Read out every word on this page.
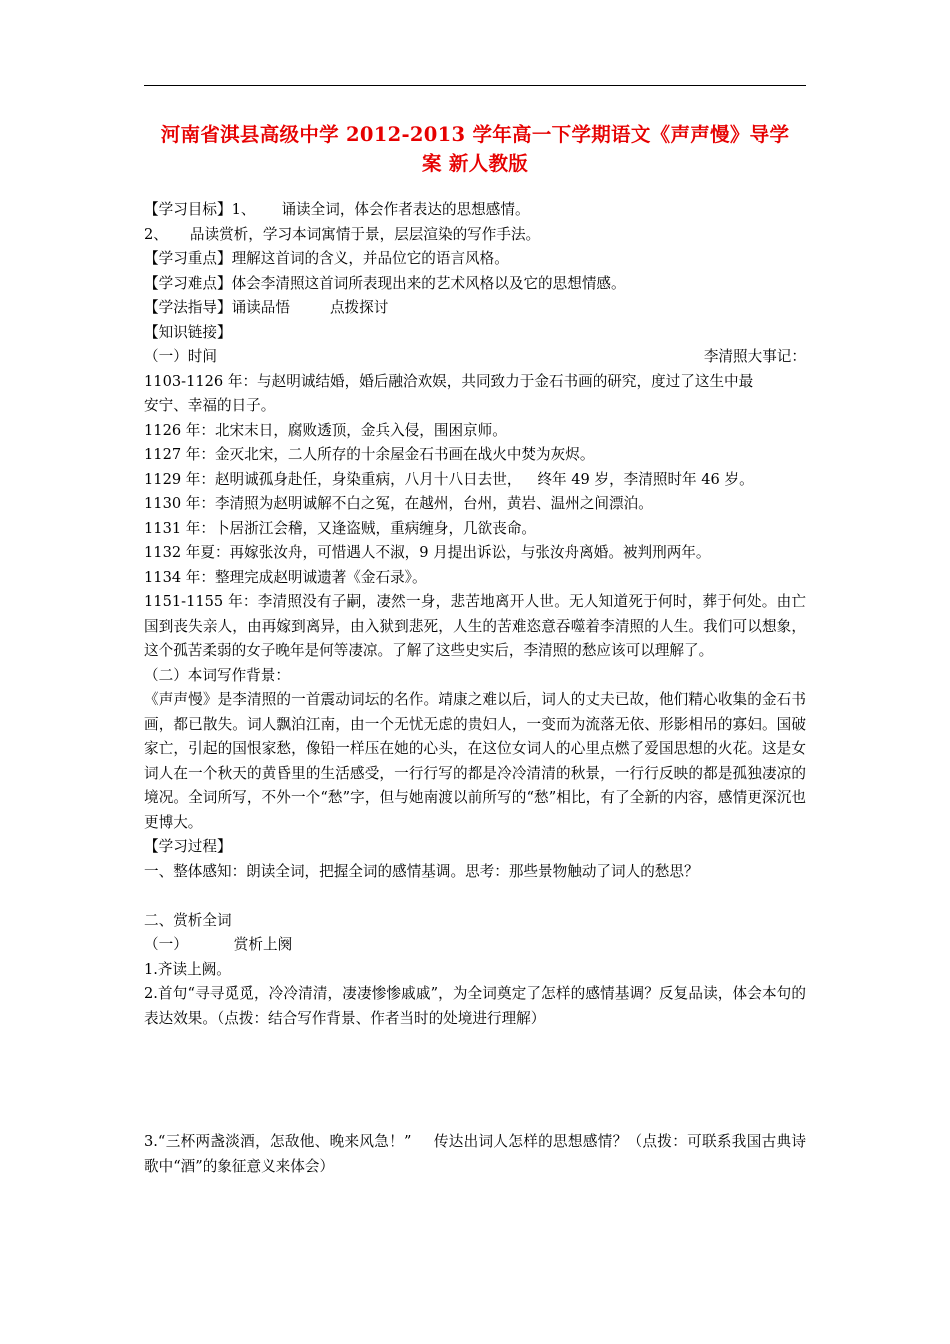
河南省淇县高级中学 2012-2013 学年高一下学期语文《声声慢》导学
案 新人教版
【学习目标】1、 诵读全词，体会作者表达的思想感情。
2、 品读赏析，学习本词寓情于景，层层渲染的写作手法。
【学习重点】理解这首词的含义，并品位它的语言风格。
【学习难点】体会李清照这首词所表现出来的艺术风格以及它的思想情感。
【学法指导】诵读品悟	点拨探讨
【知识链接】
（一）时间	李清照大事记：
1103-1126 年：与赵明诚结婚，婚后融洽欢娱，共同致力于金石书画的研究，度过了这生中最
安宁、幸福的日子。
1126 年：北宋末日，腐败透顶，金兵入侵，围困京师。
1127 年：金灭北宋，二人所存的十余屋金石书画在战火中焚为灰烬。
1129 年：赵明诚孤身赴任，身染重病，八月十八日去世， 终年 49 岁，李清照时年 46 岁。
1130 年：李清照为赵明诚解不白之冤，在越州，台州，黄岩、温州之间漂泊。
1131 年：卜居浙江会稽，又逢盗贼，重病缠身，几欲丧命。
1132 年夏：再嫁张汝舟，可惜遇人不淑，9 月提出诉讼，与张汝舟离婚。被判刑两年。
1134 年：整理完成赵明诚遗著《金石录》。
1151-1155 年：李清照没有子嗣，凄然一身，悲苦地离开人世。无人知道死于何时，葬于何处。由亡国到丧失亲人，由再嫁到离异，由入狱到悲死，人生的苦难恣意吞噬着李清照的人生。我们可以想象，这个孤苦柔弱的女子晚年是何等凄凉。了解了这些史实后，李清照的愁应该可以理解了。
（二）本词写作背景：
《声声慢》是李清照的一首震动词坛的名作。靖康之难以后，词人的丈夫已故，他们精心收集的金石书画，都已散失。词人飘泊江南，由一个无忧无虑的贵妇人，一变而为流落无依、形影相吊的寡妇。国破家亡，引起的国恨家愁，像铅一样压在她的心头，在这位女词人的心里点燃了爱国思想的火花。这是女词人在一个秋天的黄昏里的生活感受，一行行写的都是冷冷清清的秋景，一行行反映的都是孤独凄凉的境况。全词所写，不外一个“愁”字，但与她南渡以前所写的“愁”相比，有了全新的内容，感情更深沉也更博大。
【学习过程】
一、整体感知：朗读全词，把握全词的感情基调。思考：那些景物触动了词人的愁思？
二、赏析全词
（一）	赏析上阕
1.齐读上阙。
2.首句“寻寻觅觅，冷冷清清，凄凄惨惨戚戚”，为全词奠定了怎样的感情基调？反复品读，体会本句的表达效果。（点拨：结合写作背景、作者当时的处境进行理解）
3.“三杯两盏淡酒，怎敌他、晚来风急！” 传达出词人怎样的思想感情？（点拨：可联系我国古典诗歌中“酒”的象征意义来体会）
